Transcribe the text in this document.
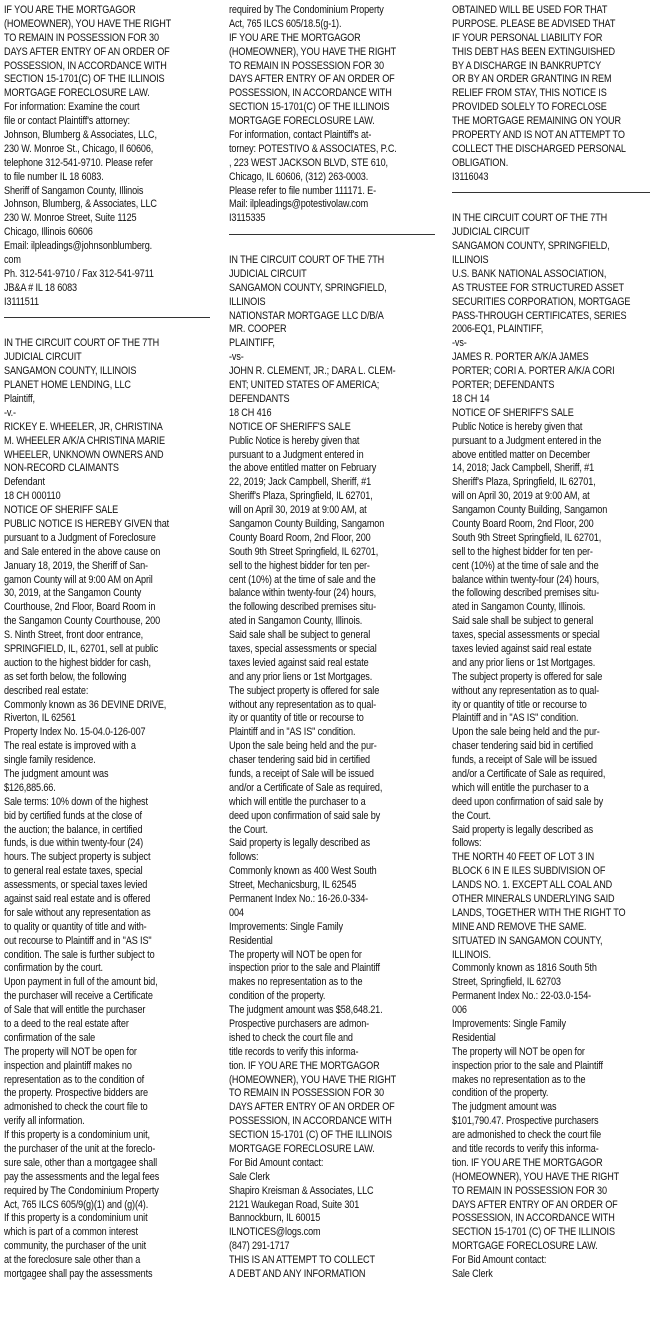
IF YOU ARE THE MORTGAGOR
(HOMEOWNER), YOU HAVE THE RIGHT
TO REMAIN IN POSSESSION FOR 30
DAYS AFTER ENTRY OF AN ORDER OF
POSSESSION, IN ACCORDANCE WITH
SECTION 15-1701(C) OF THE ILLINOIS
MORTGAGE FORECLOSURE LAW.
For information: Examine the court
file or contact Plaintiff's attorney:
Johnson, Blumberg & Associates, LLC,
230 W. Monroe St., Chicago, Il 60606,
telephone 312-541-9710. Please refer
to file number IL 18 6083.
Sheriff of Sangamon County, Illinois
Johnson, Blumberg, & Associates, LLC
230 W. Monroe Street, Suite 1125
Chicago, Illinois 60606
Email: ilpleadings@johnsonblumberg.
com
Ph. 312-541-9710 / Fax 312-541-9711
JB&A # IL 18 6083
I3111511
IN THE CIRCUIT COURT OF THE 7TH
JUDICIAL CIRCUIT
SANGAMON COUNTY, ILLINOIS
PLANET HOME LENDING, LLC
Plaintiff,
-v.-
RICKEY E. WHEELER, JR, CHRISTINA
M. WHEELER A/K/A CHRISTINA MARIE
WHEELER, UNKNOWN OWNERS AND
NON-RECORD CLAIMANTS
Defendant
18 CH 000110
NOTICE OF SHERIFF SALE
PUBLIC NOTICE IS HEREBY GIVEN that
pursuant to a Judgment of Foreclosure
and Sale entered in the above cause on
January 18, 2019, the Sheriff of San-
gamon County will at 9:00 AM on April
30, 2019, at the Sangamon County
Courthouse, 2nd Floor, Board Room in
the Sangamon County Courthouse, 200
S. Ninth Street, front door entrance,
SPRINGFIELD, IL, 62701, sell at public
auction to the highest bidder for cash,
as set forth below, the following
described real estate:
Commonly known as 36 DEVINE DRIVE,
Riverton, IL 62561
Property Index No. 15-04.0-126-007
The real estate is improved with a
single family residence.
The judgment amount was
$126,885.66.
Sale terms: 10% down of the highest
bid by certified funds at the close of
the auction; the balance, in certified
funds, is due within twenty-four (24)
hours. The subject property is subject
to general real estate taxes, special
assessments, or special taxes levied
against said real estate and is offered
for sale without any representation as
to quality or quantity of title and with-
out recourse to Plaintiff and in "AS IS"
condition. The sale is further subject to
confirmation by the court.
Upon payment in full of the amount bid,
the purchaser will receive a Certificate
of Sale that will entitle the purchaser
to a deed to the real estate after
confirmation of the sale
The property will NOT be open for
inspection and plaintiff makes no
representation as to the condition of
the property. Prospective bidders are
admonished to check the court file to
verify all information.
If this property is a condominium unit,
the purchaser of the unit at the foreclo-
sure sale, other than a mortgagee shall
pay the assessments and the legal fees
required by The Condominium Property
Act, 765 ILCS 605/9(g)(1) and (g)(4).
If this property is a condominium unit
which is part of a common interest
community, the purchaser of the unit
at the foreclosure sale other than a
mortgagee shall pay the assessments
required by The Condominium Property
Act, 765 ILCS 605/18.5(g-1).
IF YOU ARE THE MORTGAGOR
(HOMEOWNER), YOU HAVE THE RIGHT
TO REMAIN IN POSSESSION FOR 30
DAYS AFTER ENTRY OF AN ORDER OF
POSSESSION, IN ACCORDANCE WITH
SECTION 15-1701(C) OF THE ILLINOIS
MORTGAGE FORECLOSURE LAW.
For information, contact Plaintiff's at-
torney: POTESTIVO & ASSOCIATES, P.C.
, 223 WEST JACKSON BLVD, STE 610,
Chicago, IL 60606, (312) 263-0003.
Please refer to file number 111171. E-
Mail: ilpleadings@potestivolaw.com
I3115335
IN THE CIRCUIT COURT OF THE 7TH
JUDICIAL CIRCUIT
SANGAMON COUNTY, SPRINGFIELD,
ILLINOIS
NATIONSTAR MORTGAGE LLC D/B/A
MR. COOPER
PLAINTIFF,
-vs-
JOHN R. CLEMENT, JR.; DARA L. CLEM-
ENT; UNITED STATES OF AMERICA;
DEFENDANTS
18 CH 416
NOTICE OF SHERIFF'S SALE
Public Notice is hereby given that
pursuant to a Judgment entered in
the above entitled matter on February
22, 2019; Jack Campbell, Sheriff, #1
Sheriff's Plaza, Springfield, IL 62701,
will on April 30, 2019 at 9:00 AM, at
Sangamon County Building, Sangamon
County Board Room, 2nd Floor, 200
South 9th Street Springfield, IL 62701,
sell to the highest bidder for ten per-
cent (10%) at the time of sale and the
balance within twenty-four (24) hours,
the following described premises situ-
ated in Sangamon County, Illinois.
Said sale shall be subject to general
taxes, special assessments or special
taxes levied against said real estate
and any prior liens or 1st Mortgages.
The subject property is offered for sale
without any representation as to qual-
ity or quantity of title or recourse to
Plaintiff and in "AS IS" condition.
Upon the sale being held and the pur-
chaser tendering said bid in certified
funds, a receipt of Sale will be issued
and/or a Certificate of Sale as required,
which will entitle the purchaser to a
deed upon confirmation of said sale by
the Court.
Said property is legally described as
follows:
Commonly known as 400 West South
Street, Mechanicsburg, IL 62545
Permanent Index No.: 16-26.0-334-
004
Improvements: Single Family
Residential
The property will NOT be open for
inspection prior to the sale and Plaintiff
makes no representation as to the
condition of the property.
The judgment amount was $58,648.21.
Prospective purchasers are admon-
ished to check the court file and
title records to verify this informa-
tion. IF YOU ARE THE MORTGAGOR
(HOMEOWNER), YOU HAVE THE RIGHT
TO REMAIN IN POSSESSION FOR 30
DAYS AFTER ENTRY OF AN ORDER OF
POSSESSION, IN ACCORDANCE WITH
SECTION 15-1701 (C) OF THE ILLINOIS
MORTGAGE FORECLOSURE LAW.
For Bid Amount contact:
Sale Clerk
Shapiro Kreisman & Associates, LLC
2121 Waukegan Road, Suite 301
Bannockburn, IL 60015
ILNOTICES@logs.com
(847) 291-1717
THIS IS AN ATTEMPT TO COLLECT
A DEBT AND ANY INFORMATION
OBTAINED WILL BE USED FOR THAT
PURPOSE. PLEASE BE ADVISED THAT
IF YOUR PERSONAL LIABILITY FOR
THIS DEBT HAS BEEN EXTINGUISHED
BY A DISCHARGE IN BANKRUPTCY
OR BY AN ORDER GRANTING IN REM
RELIEF FROM STAY, THIS NOTICE IS
PROVIDED SOLELY TO FORECLOSE
THE MORTGAGE REMAINING ON YOUR
PROPERTY AND IS NOT AN ATTEMPT TO
COLLECT THE DISCHARGED PERSONAL
OBLIGATION.
I3116043
IN THE CIRCUIT COURT OF THE 7TH
JUDICIAL CIRCUIT
SANGAMON COUNTY, SPRINGFIELD,
ILLINOIS
U.S. BANK NATIONAL ASSOCIATION,
AS TRUSTEE FOR STRUCTURED ASSET
SECURITIES CORPORATION, MORTGAGE
PASS-THROUGH CERTIFICATES, SERIES
2006-EQ1, PLAINTIFF,
-vs-
JAMES R. PORTER A/K/A JAMES
PORTER; CORI A. PORTER A/K/A CORI
PORTER; DEFENDANTS
18 CH 14
NOTICE OF SHERIFF'S SALE
Public Notice is hereby given that
pursuant to a Judgment entered in the
above entitled matter on December
14, 2018; Jack Campbell, Sheriff, #1
Sheriff's Plaza, Springfield, IL 62701,
will on April 30, 2019 at 9:00 AM, at
Sangamon County Building, Sangamon
County Board Room, 2nd Floor, 200
South 9th Street Springfield, IL 62701,
sell to the highest bidder for ten per-
cent (10%) at the time of sale and the
balance within twenty-four (24) hours,
the following described premises situ-
ated in Sangamon County, Illinois.
Said sale shall be subject to general
taxes, special assessments or special
taxes levied against said real estate
and any prior liens or 1st Mortgages.
The subject property is offered for sale
without any representation as to qual-
ity or quantity of title or recourse to
Plaintiff and in "AS IS" condition.
Upon the sale being held and the pur-
chaser tendering said bid in certified
funds, a receipt of Sale will be issued
and/or a Certificate of Sale as required,
which will entitle the purchaser to a
deed upon confirmation of said sale by
the Court.
Said property is legally described as
follows:
THE NORTH 40 FEET OF LOT 3 IN
BLOCK 6 IN E ILES SUBDIVISION OF
LANDS NO. 1. EXCEPT ALL COAL AND
OTHER MINERALS UNDERLYING SAID
LANDS, TOGETHER WITH THE RIGHT TO
MINE AND REMOVE THE SAME.
SITUATED IN SANGAMON COUNTY,
ILLINOIS.
Commonly known as 1816 South 5th
Street, Springfield, IL 62703
Permanent Index No.: 22-03.0-154-
006
Improvements: Single Family
Residential
The property will NOT be open for
inspection prior to the sale and Plaintiff
makes no representation as to the
condition of the property.
The judgment amount was
$101,790.47. Prospective purchasers
are admonished to check the court file
and title records to verify this informa-
tion. IF YOU ARE THE MORTGAGOR
(HOMEOWNER), YOU HAVE THE RIGHT
TO REMAIN IN POSSESSION FOR 30
DAYS AFTER ENTRY OF AN ORDER OF
POSSESSION, IN ACCORDANCE WITH
SECTION 15-1701 (C) OF THE ILLINOIS
MORTGAGE FORECLOSURE LAW.
For Bid Amount contact:
Sale Clerk
